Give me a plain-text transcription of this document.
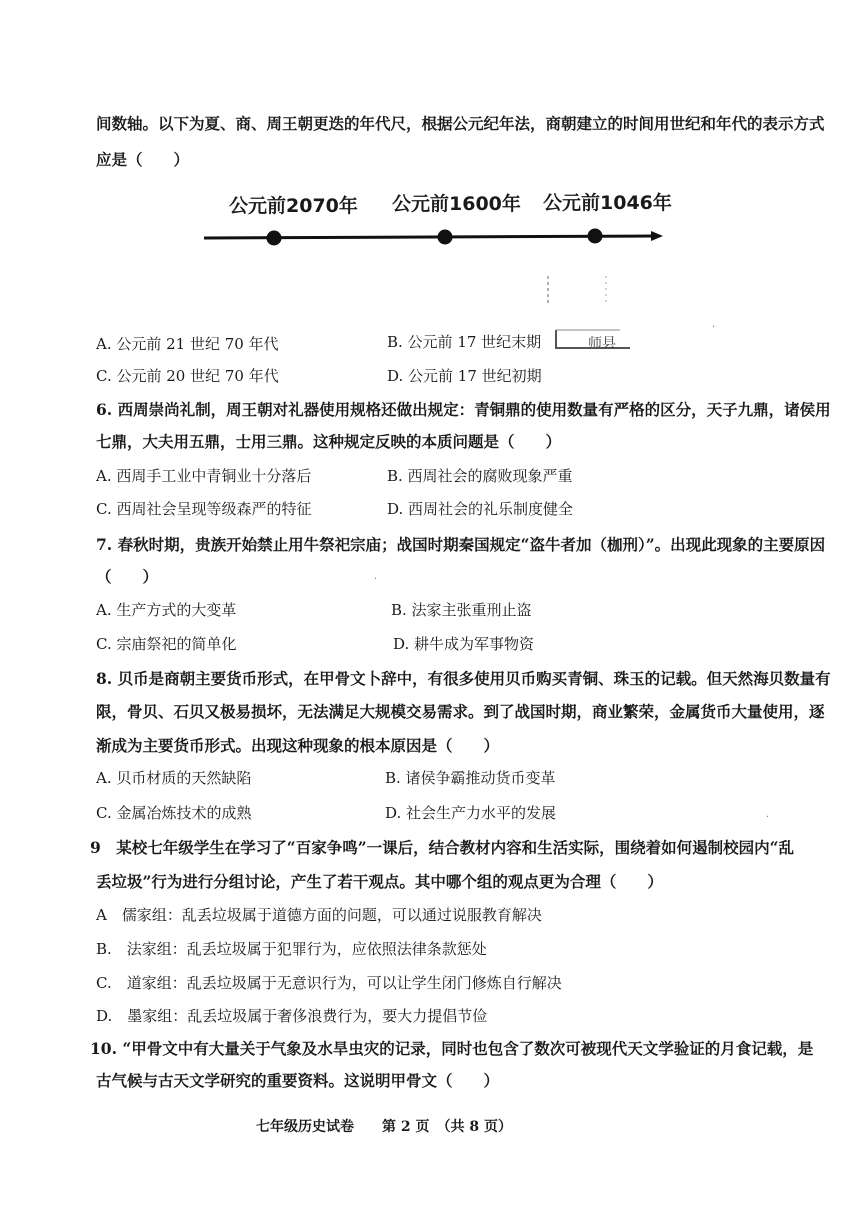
间数轴。以下为夏、商、周王朝更迭的年代尺，根据公元纪年法，商朝建立的时间用世纪和年代的表示方式
应是（　　）
公元前2070年 公元前1600年 公元前1046年
师县
A. 公元前 21 世纪 70 年代	B. 公元前 17 世纪末期
C. 公元前 20 世纪 70 年代	D. 公元前 17 世纪初期
6. 西周崇尚礼制，周王朝对礼器使用规格还做出规定：青铜鼎的使用数量有严格的区分，天子九鼎，诸侯用
七鼎，大夫用五鼎，士用三鼎。这种规定反映的本质问题是（　　）
A. 西周手工业中青铜业十分落后	B. 西周社会的腐败现象严重
C. 西周社会呈现等级森严的特征	D. 西周社会的礼乐制度健全
7. 春秋时期，贵族开始禁止用牛祭祀宗庙；战国时期秦国规定“盗牛者加（枷刑）”。出现此现象的主要原因
（　　）
A. 生产方式的大变革	B. 法家主张重刑止盗
C. 宗庙祭祀的简单化	D. 耕牛成为军事物资
8. 贝币是商朝主要货币形式，在甲骨文卜辞中，有很多使用贝币购买青铜、珠玉的记载。但天然海贝数量有
限，骨贝、石贝又极易损坏，无法满足大规模交易需求。到了战国时期，商业繁荣，金属货币大量使用，逐
渐成为主要货币形式。出现这种现象的根本原因是（　　）
A. 贝币材质的天然缺陷	B. 诸侯争霸推动货币变革
C. 金属冶炼技术的成熟	D. 社会生产力水平的发展
9　某校七年级学生在学习了“百家争鸣”一课后，结合教材内容和生活实际，围绕着如何遏制校园内“乱
丢垃圾”行为进行分组讨论，产生了若干观点。其中哪个组的观点更为合理（　　）
A　儒家组：乱丢垃圾属于道德方面的问题，可以通过说服教育解决
B.　法家组：乱丢垃圾属于犯罪行为，应依照法律条款惩处
C.　道家组：乱丢垃圾属于无意识行为，可以让学生闭门修炼自行解决
D.　墨家组：乱丢垃圾属于奢侈浪费行为，要大力提倡节俭
10. “甲骨文中有大量关于气象及水旱虫灾的记录，同时也包含了数次可被现代天文学验证的月食记载，是
古气候与古天文学研究的重要资料。这说明甲骨文（　　）
七年级历史试卷　　第 2 页　（共 8 页）
·
·
·
